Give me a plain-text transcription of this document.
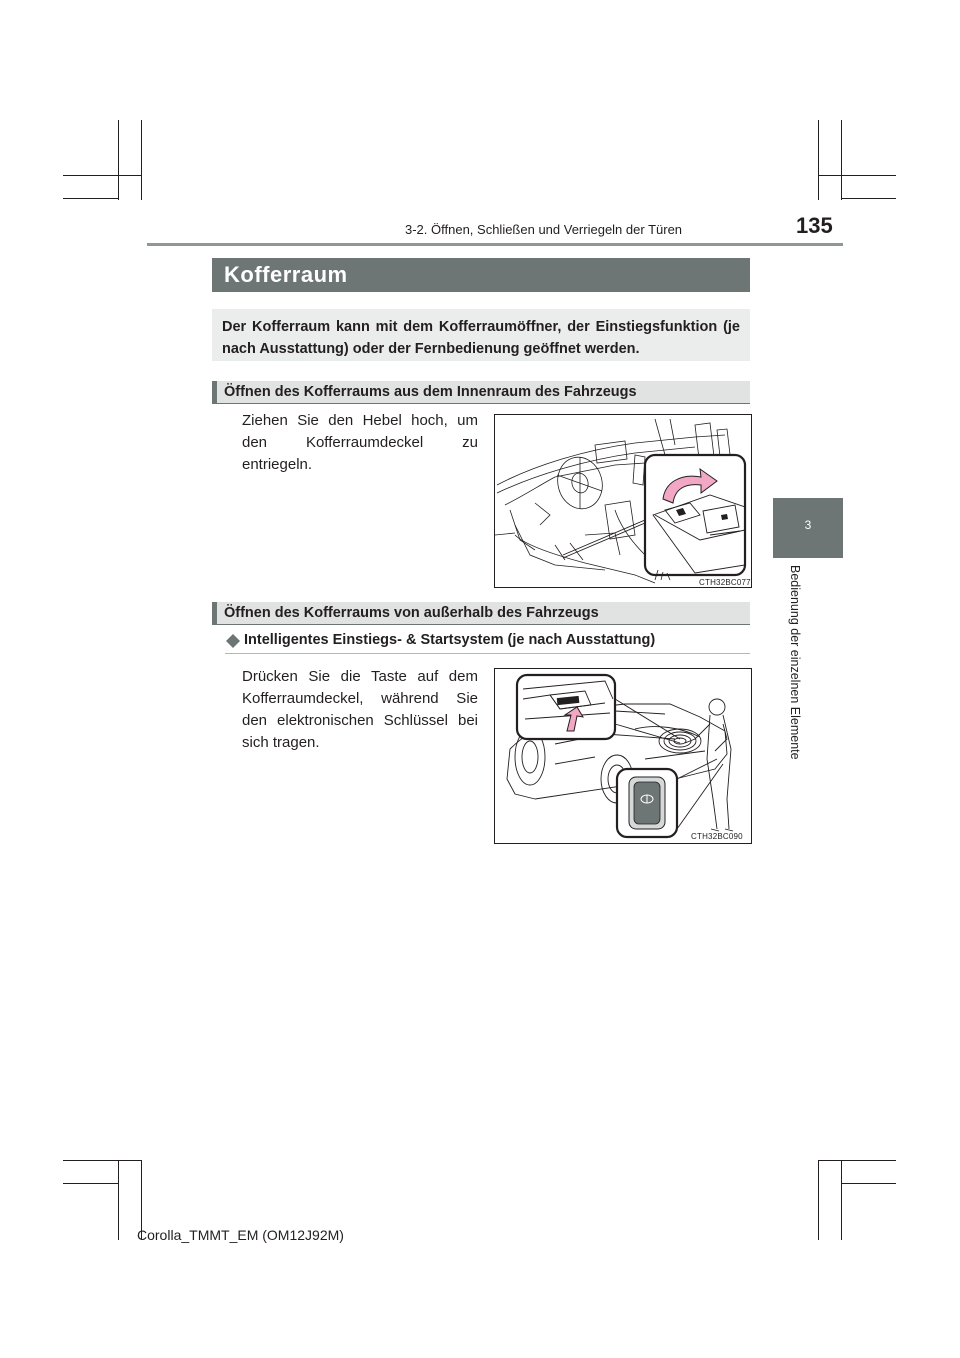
3-2. Öffnen, Schließen und Verriegeln der Türen	135
3
Bedienung der einzelnen Elemente
Kofferraum
Der Kofferraum kann mit dem Kofferraumöffner, der Einstiegsfunktion (je nach Ausstattung) oder der Fernbedienung geöffnet werden.
Öffnen des Kofferraums aus dem Innenraum des Fahrzeugs
Ziehen Sie den Hebel hoch, um den Kofferraumdeckel zu entriegeln.
CTH32BC077
Öffnen des Kofferraums von außerhalb des Fahrzeugs
Intelligentes Einstiegs- & Startsystem (je nach Ausstattung)
Drücken Sie die Taste auf dem Kofferraumdeckel, während Sie den elektronischen Schlüssel bei sich tragen.
CTH32BC090
Corolla_TMMT_EM (OM12J92M)
